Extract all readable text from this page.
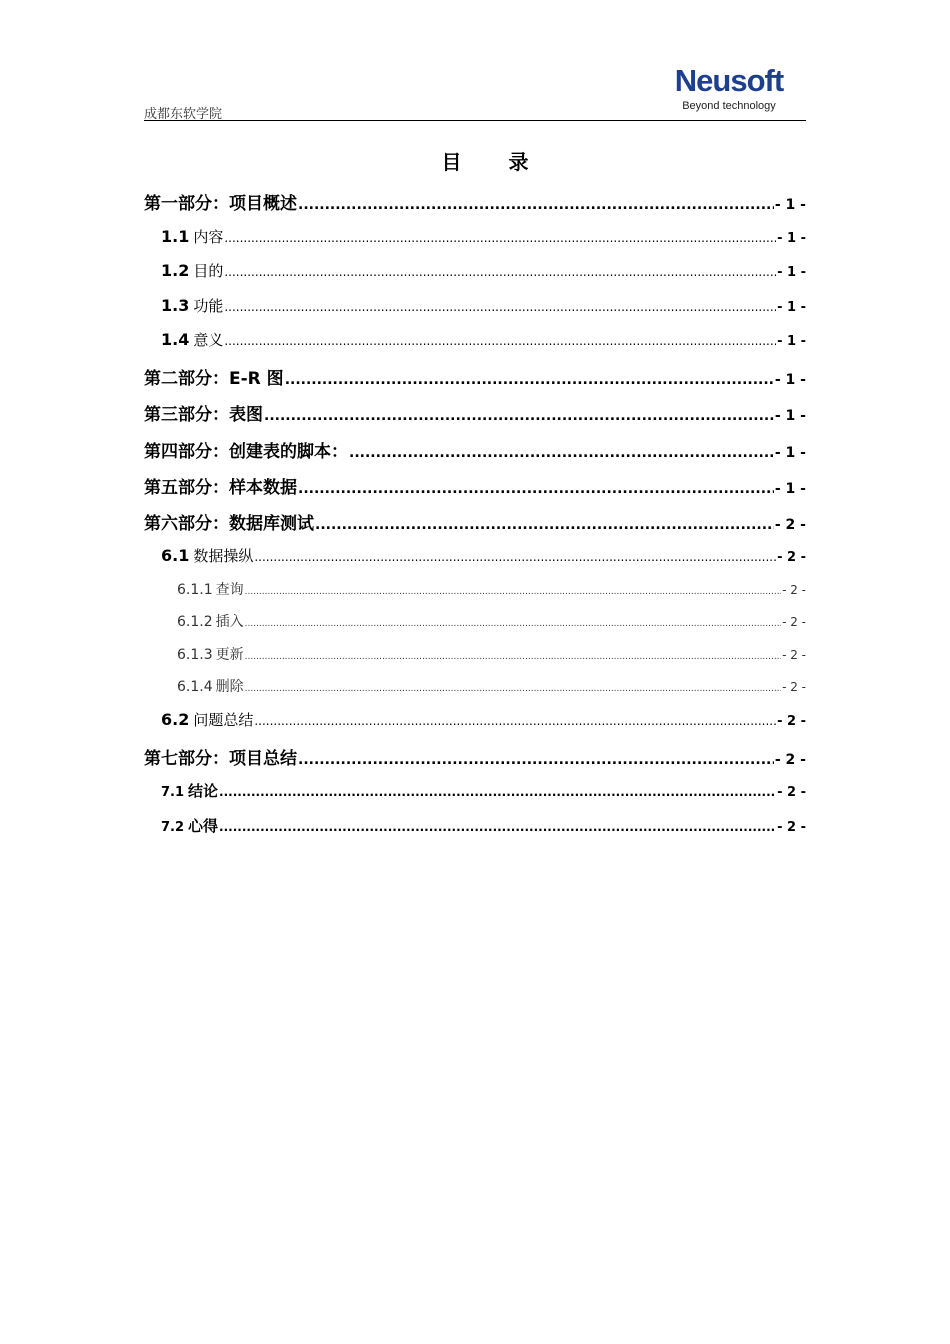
成都东软学院
Neusoft
Beyond technology
目 录
第一部分：项目概述 .....	- 1 -
1.1 内容 .....	- 1 -
1.2 目的 .....	- 1 -
1.3 功能 .....	- 1 -
1.4 意义 .....	- 1 -
第二部分：E-R 图 .....	- 1 -
第三部分：表图 .....	- 1 -
第四部分：创建表的脚本： .....	- 1 -
第五部分：样本数据 .....	- 1 -
第六部分：数据库测试 .....	- 2 -
6.1 数据操纵 .....	- 2 -
6.1.1 查询 .....	- 2 -
6.1.2 插入 .....	- 2 -
6.1.3 更新 .....	- 2 -
6.1.4 删除 .....	- 2 -
6.2 问题总结 .....	- 2 -
第七部分：项目总结 .....	- 2 -
7.1 结论 .....	- 2 -
7.2 心得 .....	- 2 -
